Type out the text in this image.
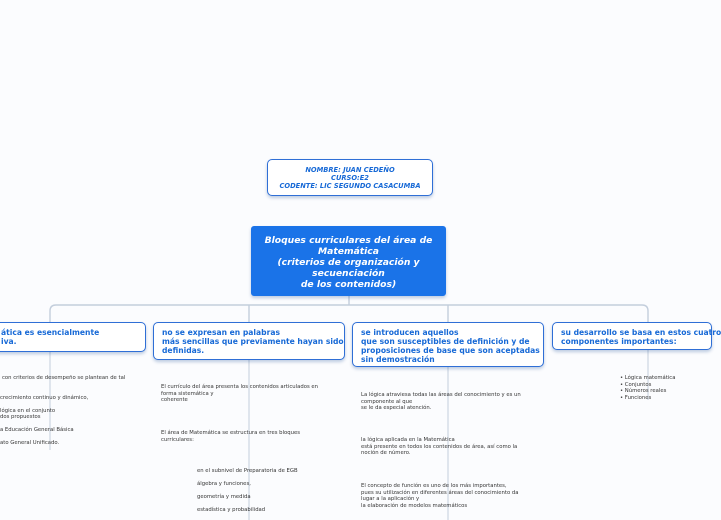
NOMBRE: JUAN CEDEÑO
CURSO:E2
CODENTE: LIC SEGUNDO CASACUMBA
Bloques curriculares del área de
Matemática
(criterios de organización y
secuenciación
de los contenidos)
ática es esencialmente
iva.
no se expresan en palabras
más sencillas que previamente hayan sido
definidas.
se introducen aquellos
que son susceptibles de definición y de
proposiciones de base que son aceptadas
sin demostración
su desarrollo se basa en estos cuatro
componentes importantes:
con criterios de desempeño se plantean de tal
crecimiento continuo y dinámico,
lógica en el conjunto
dos propuestos
a Educación General Básica
ato General Unificado.
El currículo del área presenta los contenidos articulados en
forma sistemática y
coherente
El área de Matemática se estructura en tres bloques
curriculares:
en el subnivel de Preparatoria de EGB
álgebra y funciones,
geometría y medida
estadística y probabilidad
La lógica atraviesa todas las áreas del conocimiento y es un
componente al que
se le da especial atención.
la lógica aplicada en la Matemática
está presente en todos los contenidos de área, así como la
noción de número.
El concepto de función es uno de los más importantes,
pues su utilización en diferentes áreas del conocimiento da
lugar a la aplicación y
la elaboración de modelos matemáticos
• Lógica matemática
• Conjuntos
• Números reales
• Funciones
